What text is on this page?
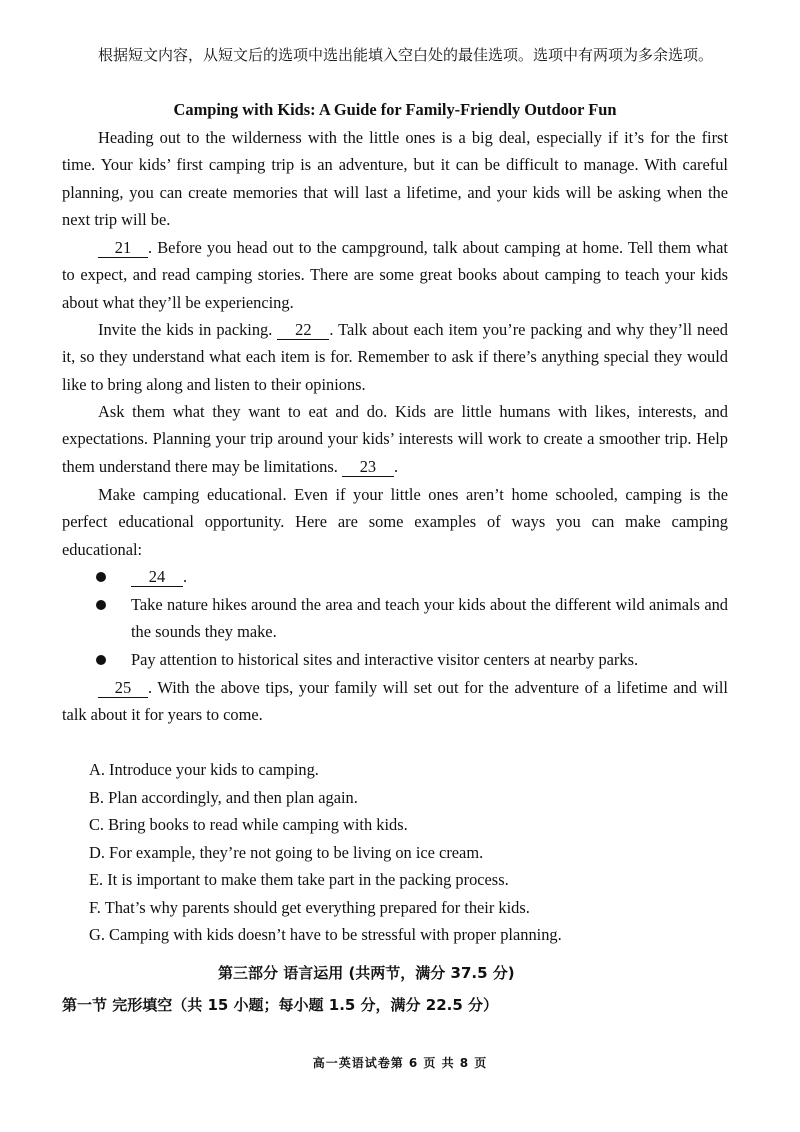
根据短文内容，从短文后的选项中选出能填入空白处的最佳选项。选项中有两项为多余选项。

Camping with Kids: A Guide for Family-Friendly Outdoor Fun

Heading out to the wilderness with the little ones is a big deal, especially if it’s for the first time. Your kids’ first camping trip is an adventure, but it can be difficult to manage. With careful planning, you can create memories that will last a lifetime, and your kids will be asking when the next trip will be.

21 . Before you head out to the campground, talk about camping at home. Tell them what to expect, and read camping stories. There are some great books about camping to teach your kids about what they’ll be experiencing.

Invite the kids in packing. 22 . Talk about each item you’re packing and why they’ll need it, so they understand what each item is for. Remember to ask if there’s anything special they would like to bring along and listen to their opinions.

Ask them what they want to eat and do. Kids are little humans with likes, interests, and expectations. Planning your trip around your kids’ interests will work to create a smoother trip. Help them understand there may be limitations. 23 .

Make camping educational. Even if your little ones aren’t home schooled, camping is the perfect educational opportunity. Here are some examples of ways you can make camping educational:

24 .
Take nature hikes around the area and teach your kids about the different wild animals and the sounds they make.
Pay attention to historical sites and interactive visitor centers at nearby parks.

25 . With the above tips, your family will set out for the adventure of a lifetime and will talk about it for years to come.

A. Introduce your kids to camping.
B. Plan accordingly, and then plan again.
C. Bring books to read while camping with kids.
D. For example, they’re not going to be living on ice cream.
E. It is important to make them take part in the packing process.
F. That’s why parents should get everything prepared for their kids.
G. Camping with kids doesn’t have to be stressful with proper planning.
第三部分 语言运用 (共两节，满分 37.5 分)
第一节 完形填空（共 15 小题；每小题 1.5 分，满分 22.5 分）
高一英语试卷第 6 页 共 8 页
